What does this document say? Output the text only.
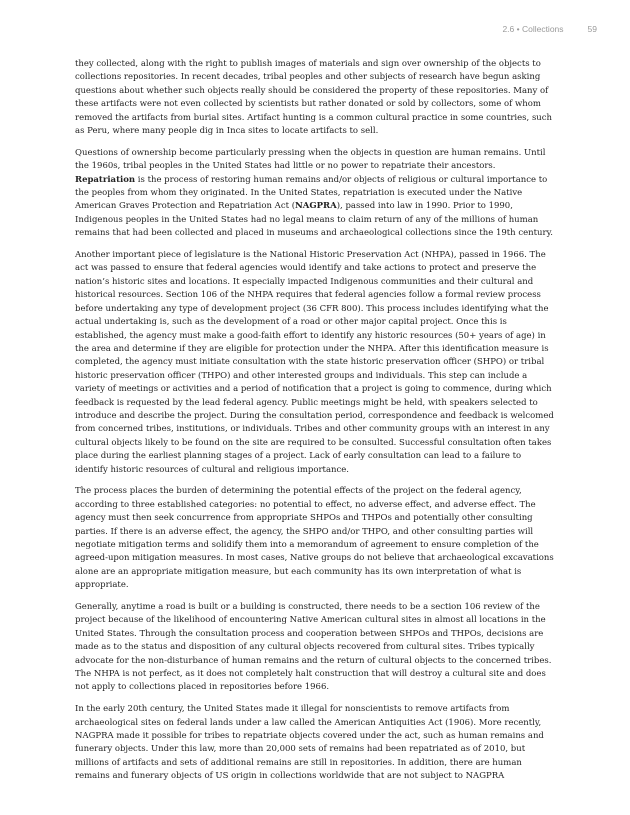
2.6 • Collections	59

they collected, along with the right to publish images of materials and sign over ownership of the objects to collections repositories. In recent decades, tribal peoples and other subjects of research have begun asking questions about whether such objects really should be considered the property of these repositories. Many of these artifacts were not even collected by scientists but rather donated or sold by collectors, some of whom removed the artifacts from burial sites. Artifact hunting is a common cultural practice in some countries, such as Peru, where many people dig in Inca sites to locate artifacts to sell.

Questions of ownership become particularly pressing when the objects in question are human remains. Until the 1960s, tribal peoples in the United States had little or no power to repatriate their ancestors. Repatriation is the process of restoring human remains and/or objects of religious or cultural importance to the peoples from whom they originated. In the United States, repatriation is executed under the Native American Graves Protection and Repatriation Act (NAGPRA), passed into law in 1990. Prior to 1990, Indigenous peoples in the United States had no legal means to claim return of any of the millions of human remains that had been collected and placed in museums and archaeological collections since the 19th century.

Another important piece of legislature is the National Historic Preservation Act (NHPA), passed in 1966. The act was passed to ensure that federal agencies would identify and take actions to protect and preserve the nation’s historic sites and locations. It especially impacted Indigenous communities and their cultural and historical resources. Section 106 of the NHPA requires that federal agencies follow a formal review process before undertaking any type of development project (36 CFR 800). This process includes identifying what the actual undertaking is, such as the development of a road or other major capital project. Once this is established, the agency must make a good-faith effort to identify any historic resources (50+ years of age) in the area and determine if they are eligible for protection under the NHPA. After this identification measure is completed, the agency must initiate consultation with the state historic preservation officer (SHPO) or tribal historic preservation officer (THPO) and other interested groups and individuals. This step can include a variety of meetings or activities and a period of notification that a project is going to commence, during which feedback is requested by the lead federal agency. Public meetings might be held, with speakers selected to introduce and describe the project. During the consultation period, correspondence and feedback is welcomed from concerned tribes, institutions, or individuals. Tribes and other community groups with an interest in any cultural objects likely to be found on the site are required to be consulted. Successful consultation often takes place during the earliest planning stages of a project. Lack of early consultation can lead to a failure to identify historic resources of cultural and religious importance.

The process places the burden of determining the potential effects of the project on the federal agency, according to three established categories: no potential to effect, no adverse effect, and adverse effect. The agency must then seek concurrence from appropriate SHPOs and THPOs and potentially other consulting parties. If there is an adverse effect, the agency, the SHPO and/or THPO, and other consulting parties will negotiate mitigation terms and solidify them into a memorandum of agreement to ensure completion of the agreed-upon mitigation measures. In most cases, Native groups do not believe that archaeological excavations alone are an appropriate mitigation measure, but each community has its own interpretation of what is appropriate.

Generally, anytime a road is built or a building is constructed, there needs to be a section 106 review of the project because of the likelihood of encountering Native American cultural sites in almost all locations in the United States. Through the consultation process and cooperation between SHPOs and THPOs, decisions are made as to the status and disposition of any cultural objects recovered from cultural sites. Tribes typically advocate for the non-disturbance of human remains and the return of cultural objects to the concerned tribes. The NHPA is not perfect, as it does not completely halt construction that will destroy a cultural site and does not apply to collections placed in repositories before 1966.

In the early 20th century, the United States made it illegal for nonscientists to remove artifacts from archaeological sites on federal lands under a law called the American Antiquities Act (1906). More recently, NAGPRA made it possible for tribes to repatriate objects covered under the act, such as human remains and funerary objects. Under this law, more than 20,000 sets of remains had been repatriated as of 2010, but millions of artifacts and sets of additional remains are still in repositories. In addition, there are human remains and funerary objects of US origin in collections worldwide that are not subject to NAGPRA
